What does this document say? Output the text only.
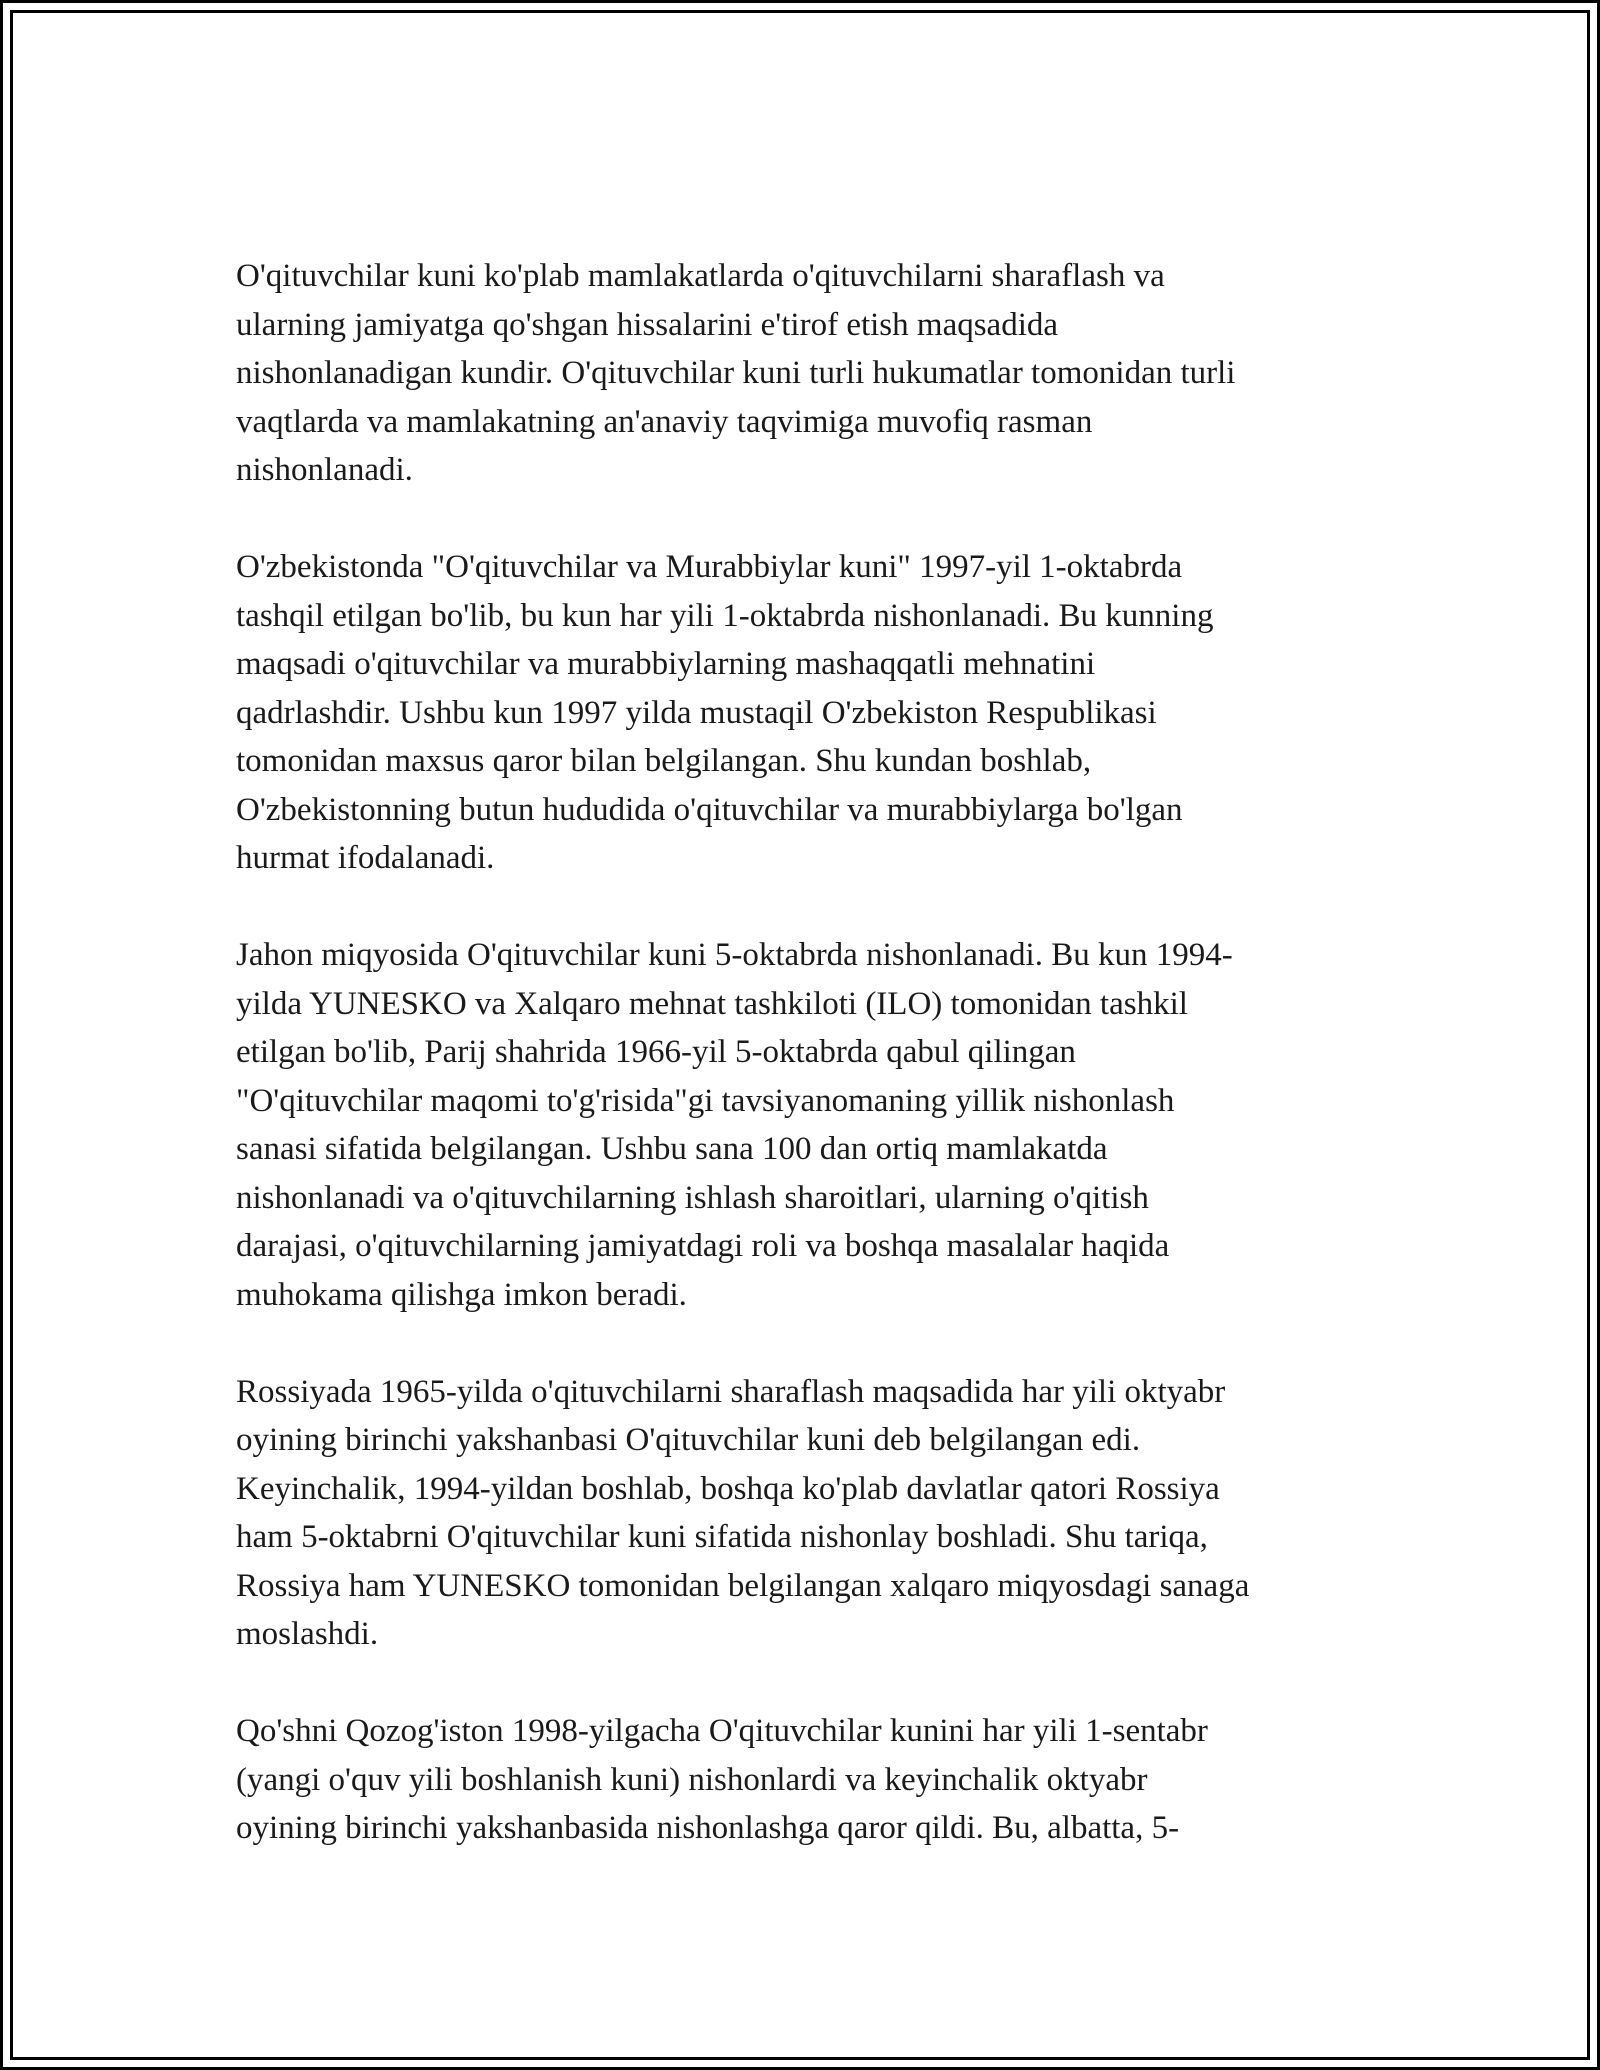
O'qituvchilar kuni ko'plab mamlakatlarda o'qituvchilarni sharaflash va
ularning jamiyatga qo'shgan hissalarini e'tirof etish maqsadida
nishonlanadigan kundir. O'qituvchilar kuni turli hukumatlar tomonidan turli
vaqtlarda va mamlakatning an'anaviy taqvimiga muvofiq rasman
nishonlanadi.

O'zbekistonda "O'qituvchilar va Murabbiylar kuni" 1997-yil 1-oktabrda
tashqil etilgan bo'lib, bu kun har yili 1-oktabrda nishonlanadi. Bu kunning
maqsadi o'qituvchilar va murabbiylarning mashaqqatli mehnatini
qadrlashdir. Ushbu kun 1997 yilda mustaqil O'zbekiston Respublikasi
tomonidan maxsus qaror bilan belgilangan. Shu kundan boshlab,
O'zbekistonning butun hududida o'qituvchilar va murabbiylarga bo'lgan
hurmat ifodalanadi.

Jahon miqyosida O'qituvchilar kuni 5-oktabrda nishonlanadi. Bu kun 1994-
yilda YUNESKO va Xalqaro mehnat tashkiloti (ILO) tomonidan tashkil
etilgan bo'lib, Parij shahrida 1966-yil 5-oktabrda qabul qilingan
"O'qituvchilar maqomi to'g'risida"gi tavsiyanomaning yillik nishonlash
sanasi sifatida belgilangan. Ushbu sana 100 dan ortiq mamlakatda
nishonlanadi va o'qituvchilarning ishlash sharoitlari, ularning o'qitish
darajasi, o'qituvchilarning jamiyatdagi roli va boshqa masalalar haqida
muhokama qilishga imkon beradi.

Rossiyada 1965-yilda o'qituvchilarni sharaflash maqsadida har yili oktyabr
oyining birinchi yakshanbasi O'qituvchilar kuni deb belgilangan edi.
Keyinchalik, 1994-yildan boshlab, boshqa ko'plab davlatlar qatori Rossiya
ham 5-oktabrni O'qituvchilar kuni sifatida nishonlay boshladi. Shu tariqa,
Rossiya ham YUNESKO tomonidan belgilangan xalqaro miqyosdagi sanaga
moslashdi.

Qo'shni Qozog'iston 1998-yilgacha O'qituvchilar kunini har yili 1-sentabr
(yangi o'quv yili boshlanish kuni) nishonlardi va keyinchalik oktyabr
oyining birinchi yakshanbasida nishonlashga qaror qildi. Bu, albatta, 5-
